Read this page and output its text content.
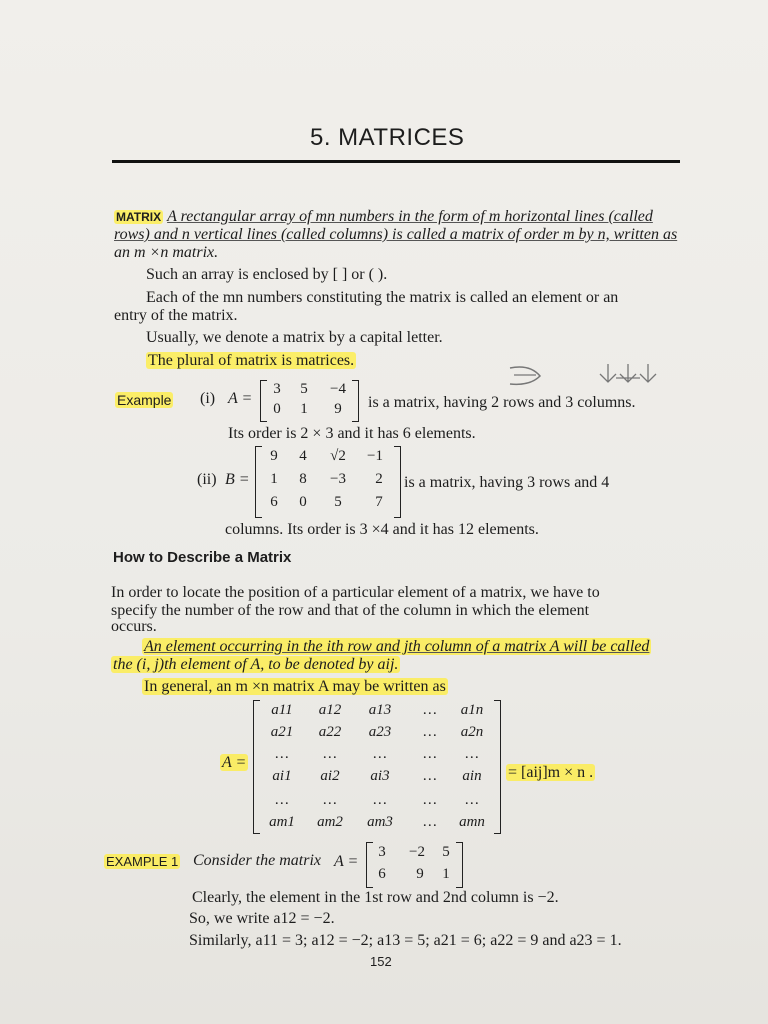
5. MATRICES
MATRIX A rectangular array of mn numbers in the form of m horizontal lines (called
rows) and n vertical lines (called columns) is called a matrix of order m by n, written as
an m ×n matrix.
Such an array is enclosed by [ ] or ( ).
Each of the mn numbers constituting the matrix is called an element or an
entry of the matrix.
Usually, we denote a matrix by a capital letter.
The plural of matrix is matrices.
Example (i) A =
3	5	−4
0	1	9	is a matrix, having 2 rows and 3 columns.
Its order is 2 × 3 and it has 6 elements.
(ii) B =
9	4	√2	−1
1	8	−3	2
6	0	5	7
is a matrix, having 3 rows and 4
columns. Its order is 3 ×4 and it has 12 elements.
How to Describe a Matrix
In order to locate the position of a particular element of a matrix, we have to
specify the number of the row and that of the column in which the element
occurs.
An element occurring in the ith row and jth column of a matrix A will be called
the (i, j)th element of A, to be denoted by aij.
In general, an m ×n matrix A may be written as
A =
a11	a12	a13	…	a1n
a21	a22	a23	…	a2n
…	…	…	…	…
ai1	ai2	ai3	…	ain
…	…	…	…	…
am1	am2	am3	…	amn
= [aij]m × n .
EXAMPLE 1 Consider the matrix A =
3	−2	5
6	9	1
Clearly, the element in the 1st row and 2nd column is −2.
So, we write a12 = −2.
Similarly, a11 = 3; a12 = −2; a13 = 5; a21 = 6; a22 = 9 and a23 = 1.
152
